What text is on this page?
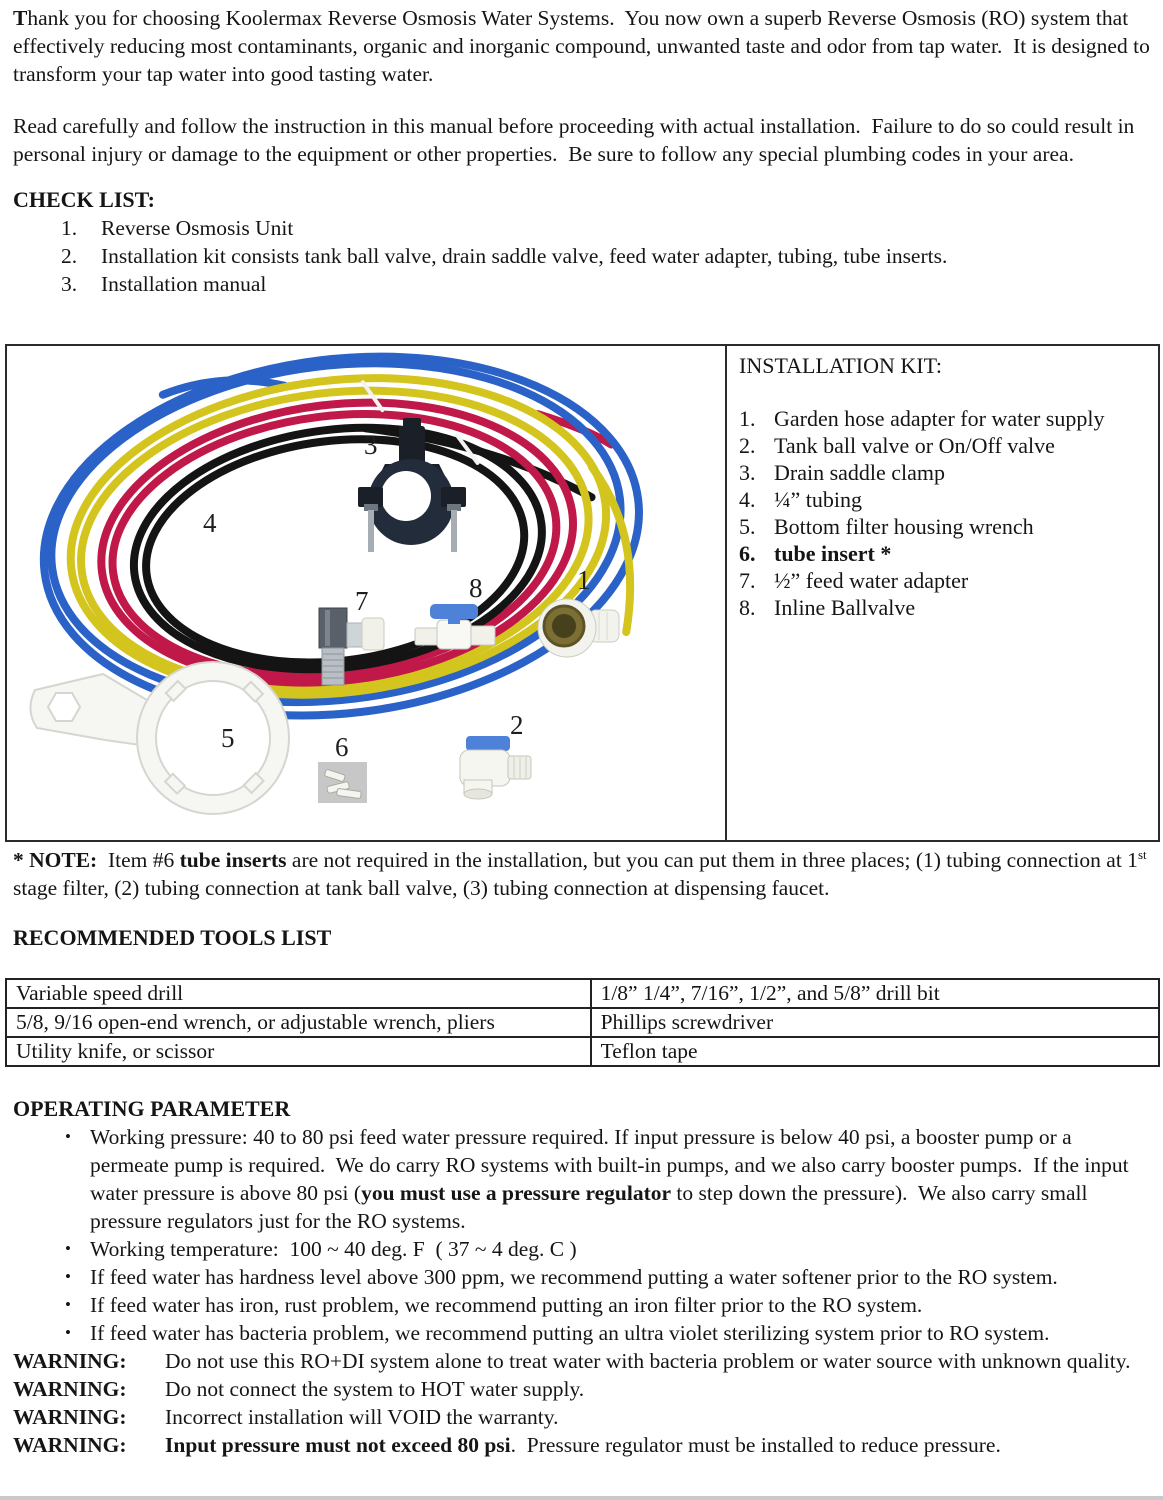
Thank you for choosing Koolermax Reverse Osmosis Water Systems.  You now own a superb Reverse Osmosis (RO) system that effectively reducing most contaminants, organic and inorganic compound, unwanted taste and odor from tap water.  It is designed to transform your tap water into good tasting water.

Read carefully and follow the instruction in this manual before proceeding with actual installation.  Failure to do so could result in personal injury or damage to the equipment or other properties.  Be sure to follow any special plumbing codes in your area.

CHECK LIST:
1.	Reverse Osmosis Unit
2.	Installation kit consists tank ball valve, drain saddle valve, feed water adapter, tubing, tube inserts.
3.	Installation manual
1
2
3
4
5	6
7	8
INSTALLATION KIT:
1. Garden hose adapter for water supply
2. Tank ball valve or On/Off valve
3. Drain saddle clamp
4. ¼” tubing
5. Bottom filter housing wrench
6. tube insert *
7. ½” feed water adapter
8. Inline Ballvalve

* NOTE:  Item #6 tube inserts are not required in the installation, but you can put them in three places; (1) tubing connection at 1st stage filter, (2) tubing connection at tank ball valve, (3) tubing connection at dispensing faucet.

RECOMMENDED TOOLS LIST
Variable speed drill	1/8” 1/4”, 7/16”, 1/2”, and 5/8” drill bit
5/8, 9/16 open-end wrench, or adjustable wrench, pliers	Phillips screwdriver
Utility knife, or scissor	Teflon tape
OPERATING PARAMETER
• Working pressure: 40 to 80 psi feed water pressure required. If input pressure is below 40 psi, a booster pump or a permeate pump is required.  We do carry RO systems with built-in pumps, and we also carry booster pumps.  If the input water pressure is above 80 psi (you must use a pressure regulator to step down the pressure).  We also carry small pressure regulators just for the RO systems.
• Working temperature:  100 ~ 40 deg. F  ( 37 ~ 4 deg. C )
• If feed water has hardness level above 300 ppm, we recommend putting a water softener prior to the RO system.
• If feed water has iron, rust problem, we recommend putting an iron filter prior to the RO system.
• If feed water has bacteria problem, we recommend putting an ultra violet sterilizing system prior to RO system.
WARNING:	Do not use this RO+DI system alone to treat water with bacteria problem or water source with unknown quality.
WARNING:	Do not connect the system to HOT water supply.
WARNING:	Incorrect installation will VOID the warranty.
WARNING:	Input pressure must not exceed 80 psi.  Pressure regulator must be installed to reduce pressure.
